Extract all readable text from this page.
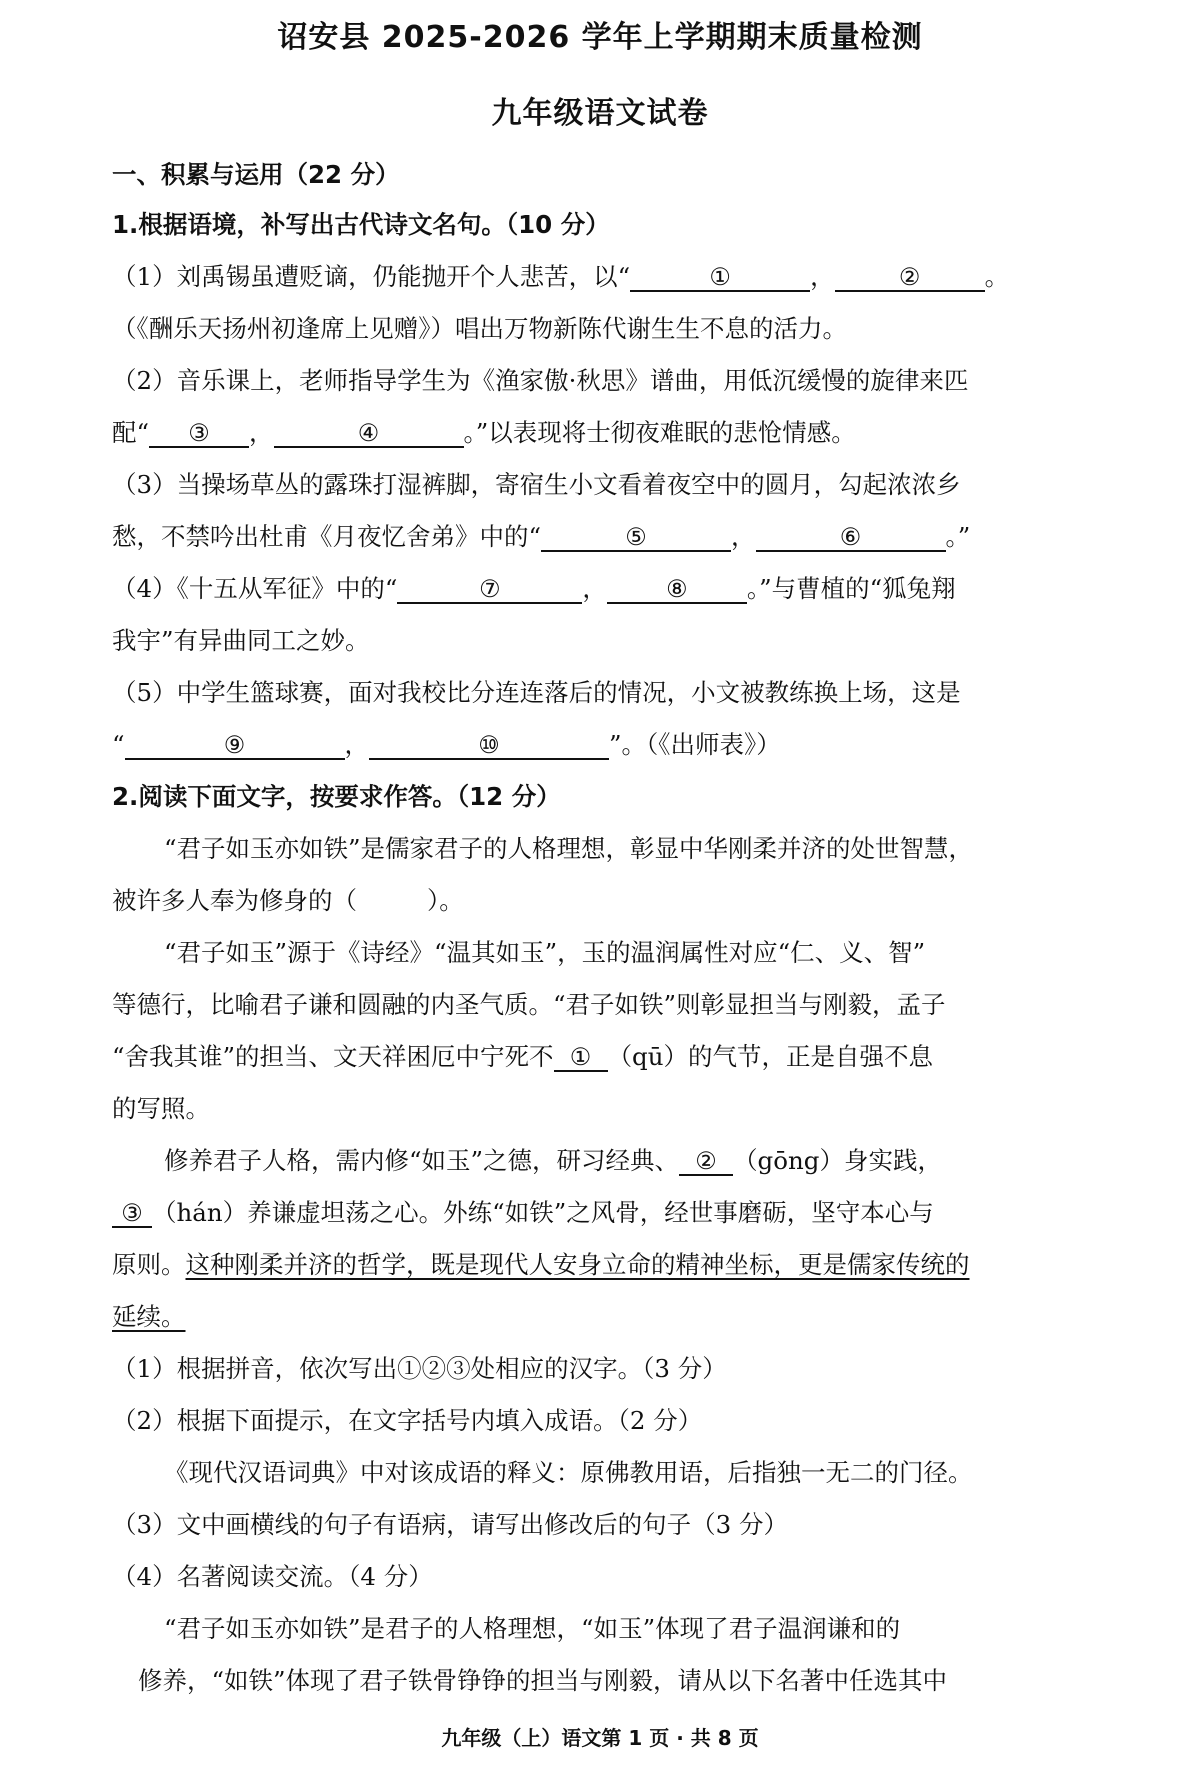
诏安县 2025-2026 学年上学期期末质量检测
九年级语文试卷
一、积累与运用（22 分）
1.根据语境，补写出古代诗文名句。（10 分）
（1）刘禹锡虽遭贬谪，仍能抛开个人悲苦，以“	①	，	②	。
（《酬乐天扬州初逢席上见赠》）唱出万物新陈代谢生生不息的活力。
（2）音乐课上，老师指导学生为《渔家傲·秋思》谱曲，用低沉缓慢的旋律来匹
配“ ③ ，	④	。”以表现将士彻夜难眠的悲怆情感。
（3）当操场草丛的露珠打湿裤脚，寄宿生小文看着夜空中的圆月，勾起浓浓乡
愁，不禁吟出杜甫《月夜忆舍弟》中的“	⑤	，	⑥	。”
（4）《十五从军征》中的“	⑦	， ⑧ 。”与曹植的“狐兔翔
我宇”有异曲同工之妙。
（5）中学生篮球赛，面对我校比分连连落后的情况，小文被教练换上场，这是
“	⑨	，	⑩	”。（《出师表》）
2.阅读下面文字，按要求作答。（12 分）
“君子如玉亦如铁”是儒家君子的人格理想，彰显中华刚柔并济的处世智慧，
被许多人奉为修身的（	）。
“君子如玉”源于《诗经》“温其如玉”，玉的温润属性对应“仁、义、智”
等德行，比喻君子谦和圆融的内圣气质。“君子如铁”则彰显担当与刚毅，孟子
“舍我其谁”的担当、文天祥困厄中宁死不 ① （qū）的气节，正是自强不息
的写照。
修养君子人格，需内修“如玉”之德，研习经典、 ② （gōng）身实践，
③ （hán）养谦虚坦荡之心。外练“如铁”之风骨，经世事磨砺，坚守本心与
原则。这种刚柔并济的哲学，既是现代人安身立命的精神坐标，更是儒家传统的
延续。
（1）根据拼音，依次写出①②③处相应的汉字。（3 分）
（2）根据下面提示，在文字括号内填入成语。（2 分）
《现代汉语词典》中对该成语的释义：原佛教用语，后指独一无二的门径。
（3）文中画横线的句子有语病，请写出修改后的句子（3 分）
（4）名著阅读交流。（4 分）
“君子如玉亦如铁”是君子的人格理想，“如玉”体现了君子温润谦和的
修养，“如铁”体现了君子铁骨铮铮的担当与刚毅，请从以下名著中任选其中
九年级（上）语文第 1 页 · 共 8 页
